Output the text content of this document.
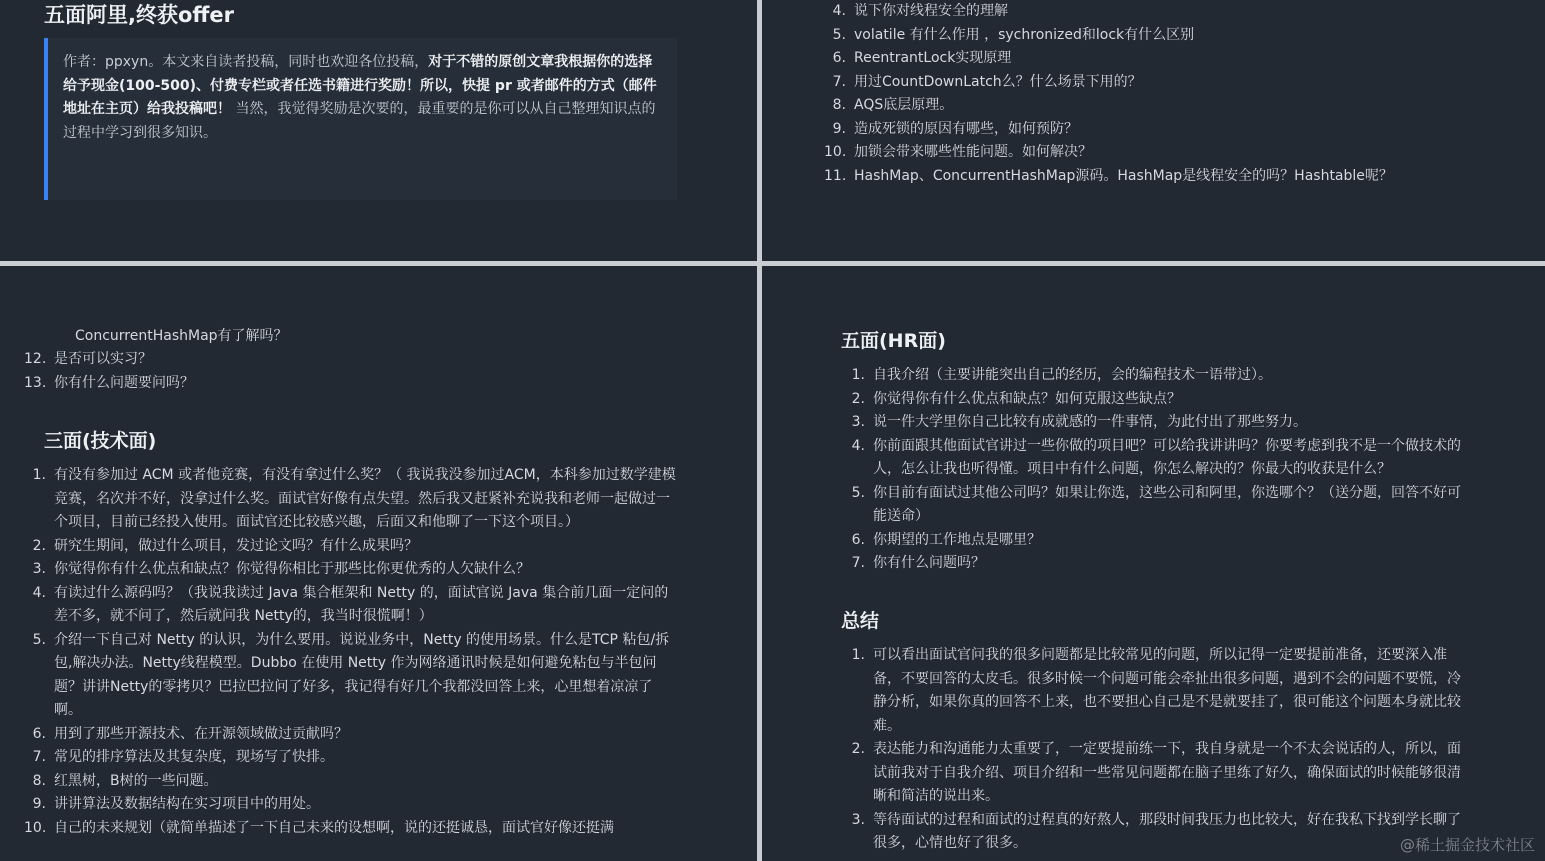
五面阿里,终获offer
作者：ppxyn。本文来自读者投稿，同时也欢迎各位投稿，对于不错的原创文章我根据你的选择给予现金(100-500)、付费专栏或者任选书籍进行奖励！所以，快提 pr 或者邮件的方式（邮件地址在主页）给我投稿吧！ 当然，我觉得奖励是次要的，最重要的是你可以从自己整理知识点的过程中学习到很多知识。
4. 说下你对线程安全的理解
5. volatile 有什么作用 ，sychronized和lock有什么区别
6. ReentrantLock实现原理
7. 用过CountDownLatch么？什么场景下用的？
8. AQS底层原理。
9. 造成死锁的原因有哪些，如何预防？
10. 加锁会带来哪些性能问题。如何解决？
11. HashMap、ConcurrentHashMap源码。HashMap是线程安全的吗？Hashtable呢？
ConcurrentHashMap有了解吗？
12. 是否可以实习？
13. 你有什么问题要问吗？
三面(技术面)
1. 有没有参加过 ACM 或者他竞赛，有没有拿过什么奖？（ 我说我没参加过ACM，本科参加过数学建模竞赛，名次并不好，没拿过什么奖。面试官好像有点失望。然后我又赶紧补充说我和老师一起做过一个项目，目前已经投入使用。面试官还比较感兴趣，后面又和他聊了一下这个项目。）
2. 研究生期间，做过什么项目，发过论文吗？有什么成果吗？
3. 你觉得你有什么优点和缺点？你觉得你相比于那些比你更优秀的人欠缺什么？
4. 有读过什么源码吗？（我说我读过 Java 集合框架和 Netty 的，面试官说 Java 集合前几面一定问的差不多，就不问了，然后就问我 Netty的，我当时很慌啊！）
5. 介绍一下自己对 Netty 的认识，为什么要用。说说业务中，Netty 的使用场景。什么是TCP 粘包/拆包,解决办法。Netty线程模型。Dubbo 在使用 Netty 作为网络通讯时候是如何避免粘包与半包问题？讲讲Netty的零拷贝？巴拉巴拉问了好多，我记得有好几个我都没回答上来，心里想着凉凉了啊。
6. 用到了那些开源技术、在开源领域做过贡献吗？
7. 常见的排序算法及其复杂度，现场写了快排。
8. 红黑树，B树的一些问题。
9. 讲讲算法及数据结构在实习项目中的用处。
10. 自己的未来规划（就简单描述了一下自己未来的设想啊，说的还挺诚恳，面试官好像还挺满
五面(HR面)
1. 自我介绍（主要讲能突出自己的经历，会的编程技术一语带过）。
2. 你觉得你有什么优点和缺点？如何克服这些缺点？
3. 说一件大学里你自己比较有成就感的一件事情，为此付出了那些努力。
4. 你前面跟其他面试官讲过一些你做的项目吧？可以给我讲讲吗？你要考虑到我不是一个做技术的人，怎么让我也听得懂。项目中有什么问题，你怎么解决的？你最大的收获是什么？
5. 你目前有面试过其他公司吗？如果让你选，这些公司和阿里，你选哪个？（送分题，回答不好可能送命）
6. 你期望的工作地点是哪里？
7. 你有什么问题吗？
总结
1. 可以看出面试官问我的很多问题都是比较常见的问题，所以记得一定要提前准备，还要深入准备，不要回答的太皮毛。很多时候一个问题可能会牵扯出很多问题，遇到不会的问题不要慌，冷静分析，如果你真的回答不上来，也不要担心自己是不是就要挂了，很可能这个问题本身就比较难。
2. 表达能力和沟通能力太重要了，一定要提前练一下，我自身就是一个不太会说话的人，所以，面试前我对于自我介绍、项目介绍和一些常见问题都在脑子里练了好久，确保面试的时候能够很清晰和简洁的说出来。
3. 等待面试的过程和面试的过程真的好熬人，那段时间我压力也比较大，好在我私下找到学长聊了很多，心情也好了很多。	@稀土掘金技术社区
